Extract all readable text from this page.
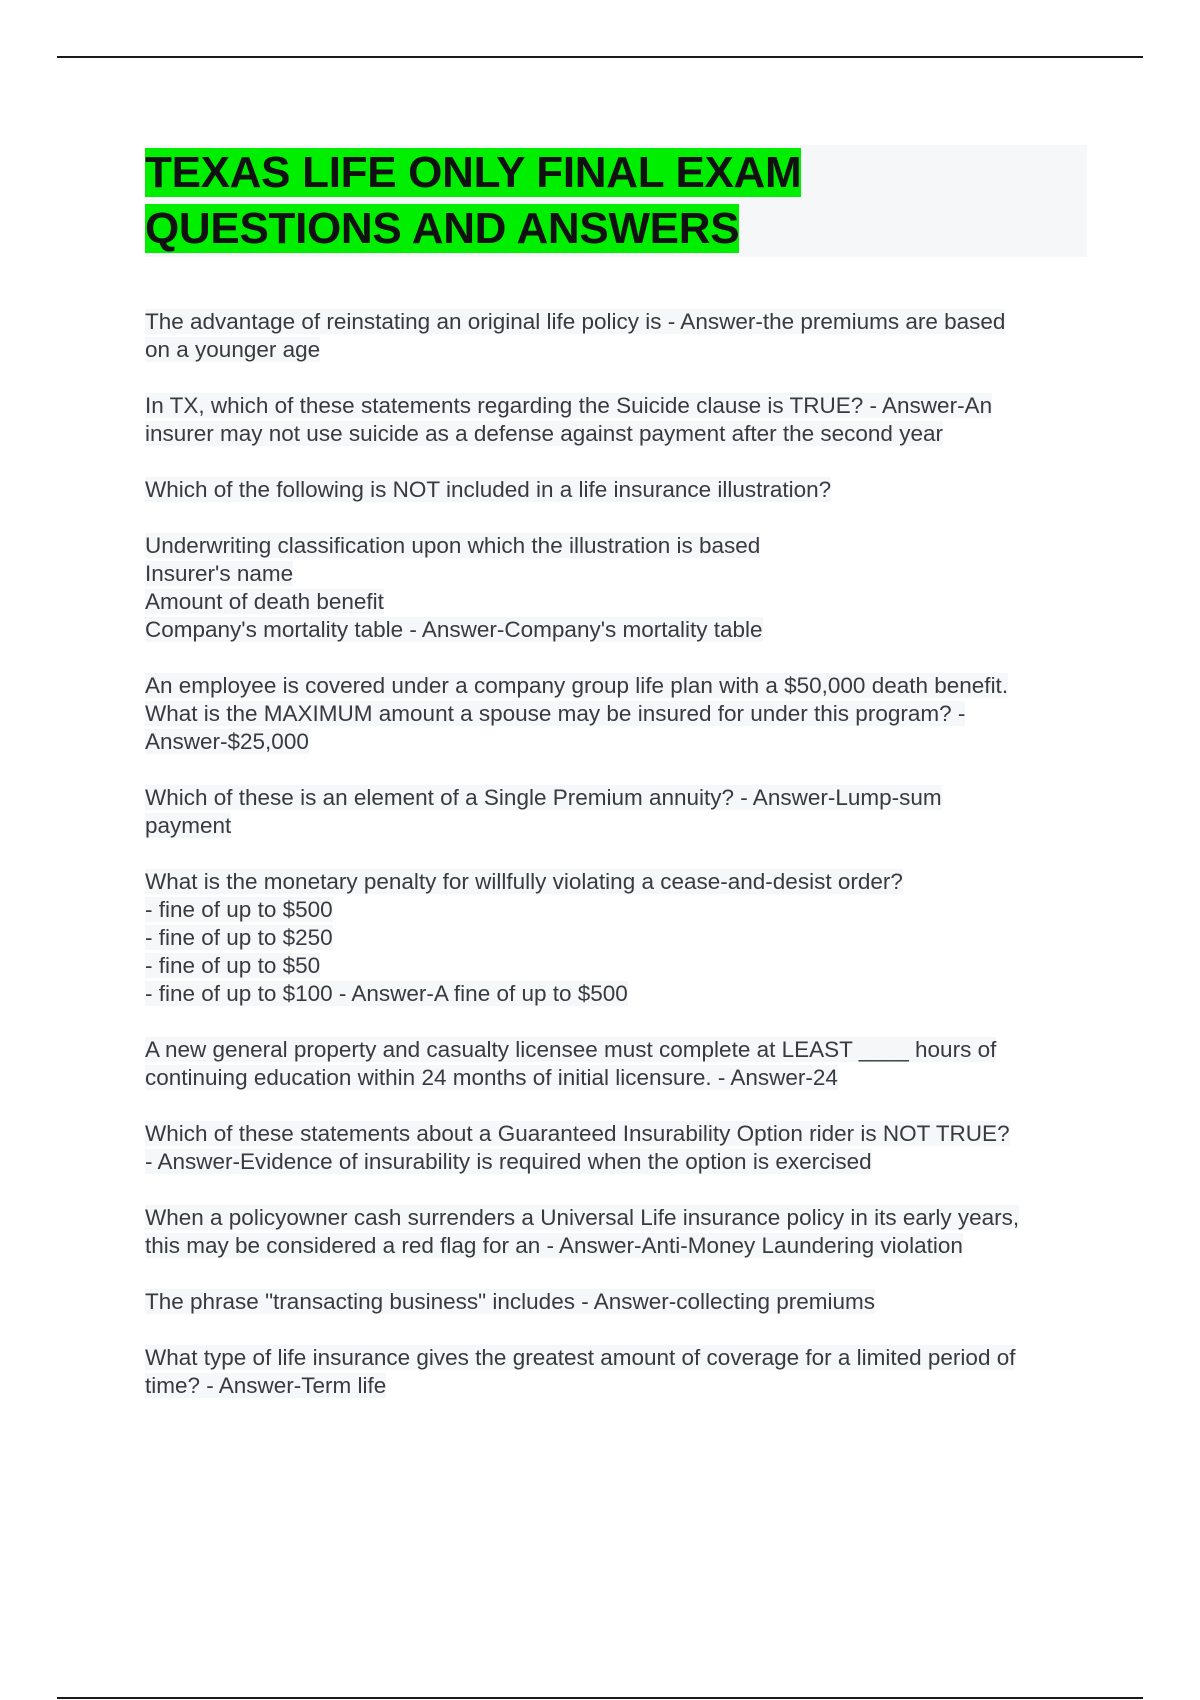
TEXAS LIFE ONLY FINAL EXAM
QUESTIONS AND ANSWERS
The advantage of reinstating an original life policy is - Answer-the premiums are based
on a younger age
In TX, which of these statements regarding the Suicide clause is TRUE? - Answer-An
insurer may not use suicide as a defense against payment after the second year
Which of the following is NOT included in a life insurance illustration?
Underwriting classification upon which the illustration is based
Insurer's name
Amount of death benefit
Company's mortality table - Answer-Company's mortality table
An employee is covered under a company group life plan with a $50,000 death benefit.
What is the MAXIMUM amount a spouse may be insured for under this program? -
Answer-$25,000
Which of these is an element of a Single Premium annuity? - Answer-Lump-sum
payment
What is the monetary penalty for willfully violating a cease-and-desist order?
- fine of up to $500
- fine of up to $250
- fine of up to $50
- fine of up to $100 - Answer-A fine of up to $500
A new general property and casualty licensee must complete at LEAST ____ hours of
continuing education within 24 months of initial licensure. - Answer-24
Which of these statements about a Guaranteed Insurability Option rider is NOT TRUE?
- Answer-Evidence of insurability is required when the option is exercised
When a policyowner cash surrenders a Universal Life insurance policy in its early years,
this may be considered a red flag for an - Answer-Anti-Money Laundering violation
The phrase "transacting business" includes - Answer-collecting premiums
What type of life insurance gives the greatest amount of coverage for a limited period of
time? - Answer-Term life
